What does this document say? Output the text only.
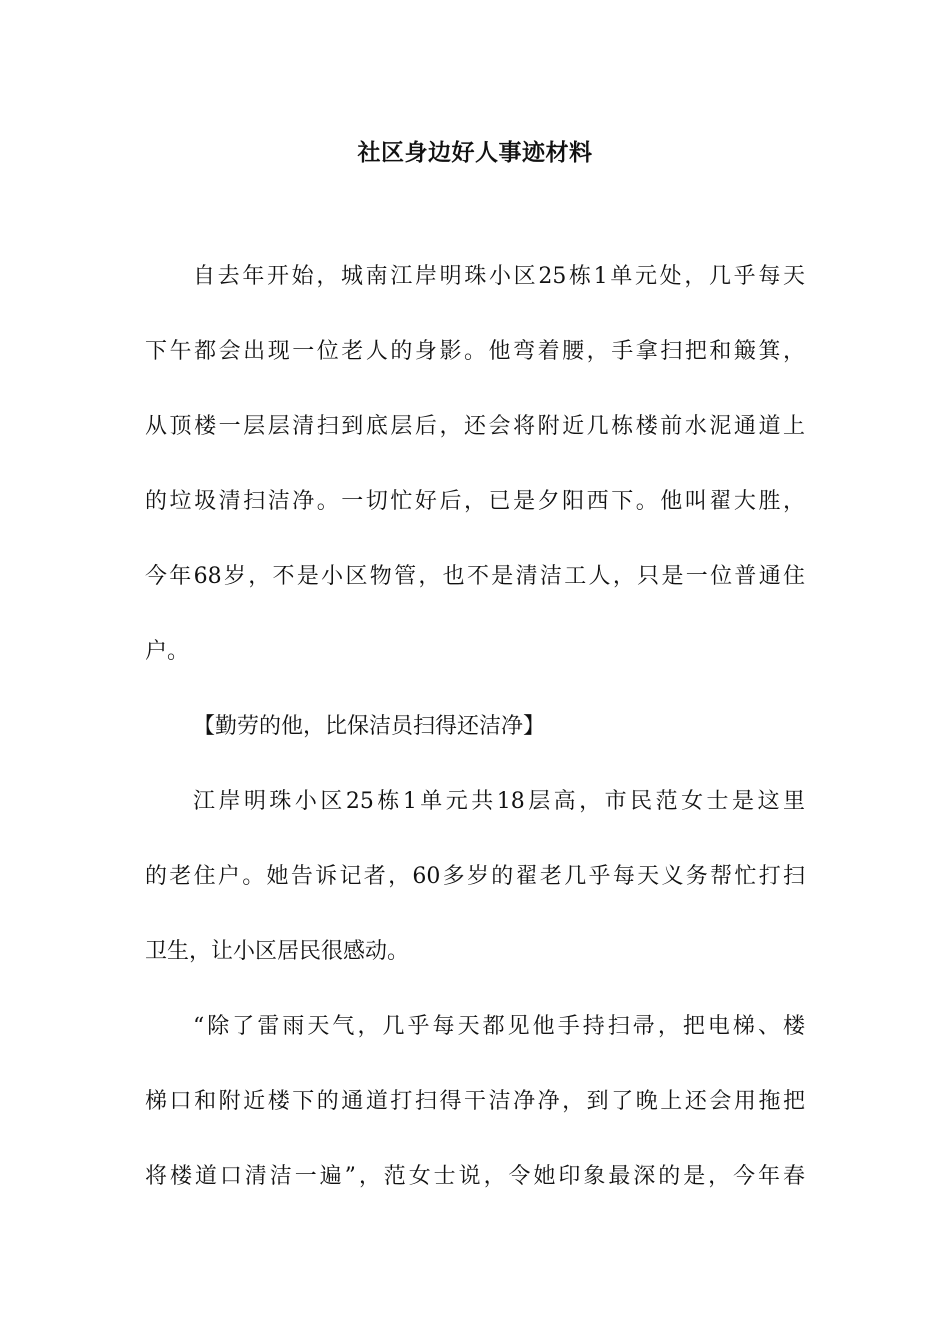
社区身边好人事迹材料
自去年开始，城南江岸明珠小区25栋1单元处，几乎每天
下午都会出现一位老人的身影。他弯着腰，手拿扫把和簸箕，
从顶楼一层层清扫到底层后，还会将附近几栋楼前水泥通道上
的垃圾清扫洁净。一切忙好后，已是夕阳西下。他叫翟大胜，
今年68岁，不是小区物管，也不是清洁工人，只是一位普通住
户。
【勤劳的他，比保洁员扫得还洁净】
江岸明珠小区25栋1单元共18层高，市民范女士是这里
的老住户。她告诉记者，60多岁的翟老几乎每天义务帮忙打扫
卫生，让小区居民很感动。
“除了雷雨天气，几乎每天都见他手持扫帚，把电梯、楼
梯口和附近楼下的通道打扫得干洁净净，到了晚上还会用拖把
将楼道口清洁一遍”，范女士说，令她印象最深的是，今年春
